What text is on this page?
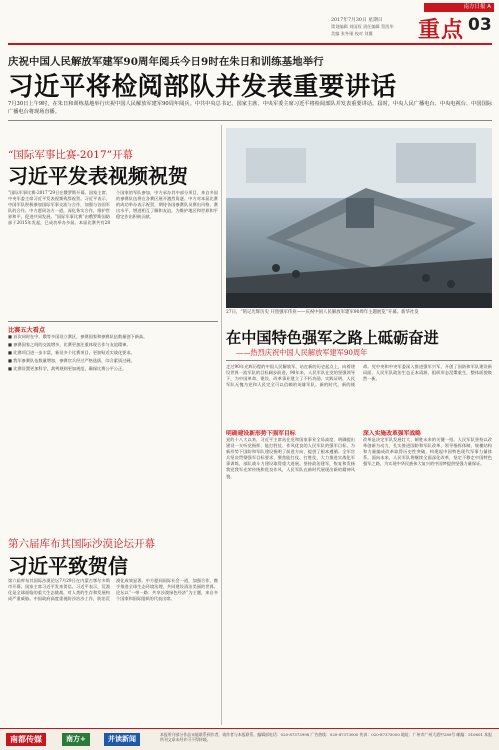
南方日报 A
2017年7月30日 星期日
策划编辑 刘国权 责任编辑 蔡凯华
美编 张冬瑾 校对 刘翼 重点 03
庆祝中国人民解放军建军90周年阅兵今日9时在朱日和训练基地举行
习近平将检阅部队并发表重要讲话
7月30日上午9时，在朱日和训练基地举行庆祝中国人民解放军建军90周年阅兵。中共中央总书记、国家主席、中央军委主席习近平将检阅部队并发表重要讲话。届时，中央人民广播电台、中央电视台、中国国际广播电台将现场直播。
“国际军事比赛-2017”开幕
习近平发表视频祝贺
“国际军事比赛-2017”29日在俄罗斯开幕。国家主席、中央军委主席习近平发表视频致辞祝贺。习近平表示，中国军队积极参加国际军事交流与合作，加强与各国军队的合作。中方愿同各方一道，深化务实合作，维护世界和平，促进共同发展。“国际军事比赛”由俄罗斯国防部于2015年发起，已成功举办多届。本届比赛共有28个国家的军队参加，中方承办其中部分项目，来自多国的参赛队伍将在各赛区展开激烈角逐。中方对本届比赛的成功举办表示祝贺，期待各国参赛队员赛出风格、赛出水平，增进相互了解和友谊，为维护地区和世界和平稳定作出积极贡献。
比赛五大看点
■ 首次同时在中、俄等多国设立赛区，参赛国家和参赛队伍数量创下新高。
■ 参赛国家之间的交流增多，比赛更加注重体现合作与友谊精神。
■ 比赛项目进一步丰富，新设多个比赛项目，更加贴近实战化要求。
■ 我军参赛队伍数量增加，参赛官兵经过严格选拔，综合素质过硬。
■ 比赛设置更加科学，裁判规则更加规范，确保比赛公平公正。
第六届库布其国际沙漠论坛开幕
习近平致贺信
第六届库布其国际沙漠论坛7月29日在内蒙古鄂尔多斯市开幕。国家主席习近平发来贺信。习近平表示，荒漠化是全球面临的重大生态挑战，对人类的生存和发展构成严重威胁。中国政府高度重视防沙治沙工作，防治荒漠化成效显著。中方愿同国际社会一道，加强合作，携手推进全球生态环境治理，共同建设清洁美丽的世界。论坛以“一带一路：共享沙漠绿色经济”为主题，来自多个国家和国际组织的代表出席。
27日，“铭记光辉历史 开创强军伟业——庆祝中国人民解放军建军90周年主题展览”开幕。新华社发
在中国特色强军之路上砥砺奋进
——热烈庆祝中国人民解放军建军90周年
走过90年光辉历程的中国人民解放军，站在新的历史起点上，向着建设世界一流军队的目标阔步前进。90年来，人民军队在党的坚强领导下，为中国革命、建设、改革事业建立了不朽功勋。实践证明，人民军队无愧为党和人民完全可以信赖的英雄军队。新的时代，新的使命。党中央和中央军委深入推进强军兴军，开创了国防和军队建设新局面，人民军队政治生态正本清源，组织形态涅槃重生，整体面貌焕然一新。
明确建设新形势下强军目标
党的十八大以来，习近平主席站在党和国家事业全局高度，明确提出建设一支听党指挥、能打胜仗、作风优良的人民军队的强军目标，为新形势下国防和军队建设指明了前进方向、提供了根本遵循。全军官兵坚决贯彻强军目标要求，聚焦能打仗、打胜仗，大力推进实战化军事训练，部队战斗力建设取得重大进展。坚持政治建军，恢复和发扬我党我军光荣传统和优良作风，人民军队在新时代展现出新的精神风貌。
深入实施改革强军战略
改革是决定军队发展壮大、制胜未来的关键一招。人民军队坚持以改革创新为动力，扎实推进国防和军队改革，领导指挥体制、规模结构和力量编成改革取得历史性突破，构建起中国特色现代军事力量体系。面向未来，人民军队将继续全面深化改革，坚定不移走中国特色强军之路，为实现中华民族伟大复兴的中国梦提供坚强力量保证。
南都传媒	南方+	并读新闻
本报所刊部分作品未能联系到作者，请作者与本报联系。编辑部电话：020-87373998 广告热线：020-87373000 传真：020-87375000 地址：广州市广州大道中289号 邮编：510601 本报所刊文章未经许可不得转载。
